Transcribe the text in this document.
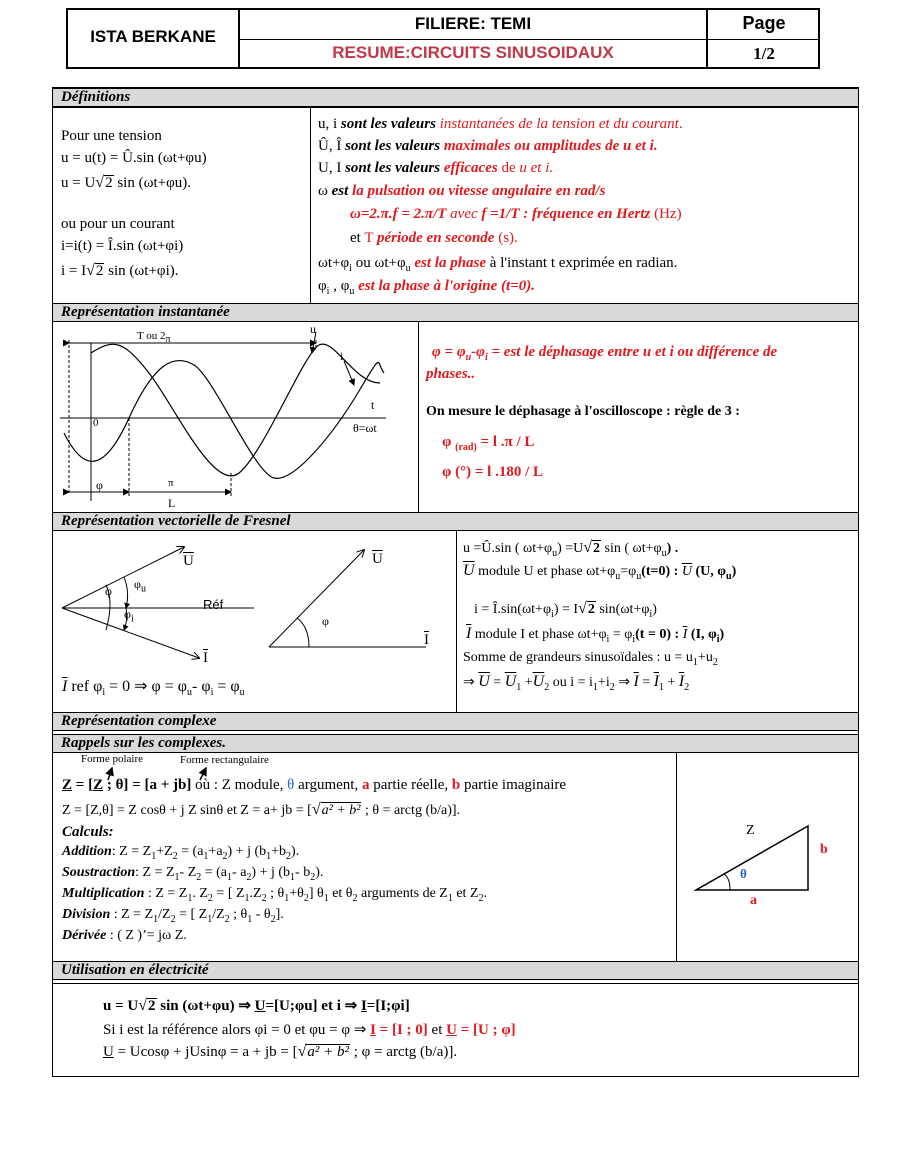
ISTA BERKANE
FILIERE: TEMI
RESUME:CIRCUITS SINUSOIDAUX
Page
1/2
Définitions
Représentation instantanée
Représentation vectorielle de Fresnel
Représentation complexe
Rappels sur les complexes.
Utilisation en électricité
Pour une tension
u = u(t) = Û.sin (ωt+φu)
u = U√2 sin (ωt+φu).
ou pour un courant
i=i(t) = Î.sin (ωt+φi)
i = I√2 sin (ωt+φi).
u, i sont les valeurs instantanées de la tension et du courant.
Û, Î sont les valeurs maximales ou amplitudes de u et i.
U, I sont les valeurs efficaces de u et i.
ω est la pulsation ou vitesse angulaire en rad/s
ω=2.π.f = 2.π/T avec f =1/T : fréquence en Hertz (Hz)
et T période en seconde (s).
$\omega t+\varphi_i$ ou $\omega t+\varphi_u$ est la phase à l'instant t exprimée en radian.
$\varphi_i$ , $\varphi_u$ est la phase à l'origine (t=0).
T ou $2_\pi$
u
i
t
θ=ωt
0
φ	π
L
$\varphi = \varphi_u-\varphi_i$ = est le déphasage entre u et i ou différence de
phases..
On mesure le déphasage à l'oscilloscope : règle de 3 :
φ $_{(rad)}$ = l .π / L
φ (°) = l .180 / L
$\overline{U}$
$\overline{I}$
Réf
φ $\varphi_u$
$\varphi_i$
$\overline{U}$
$\overline{I}$
φ
$\overline{I}$ ref $\varphi_i = 0$ ⇒ $\varphi = \varphi_u-$ $\varphi_i = \varphi_u$
u =Û.sin ( $\omega t+\varphi_u) =U√2$ sin ( $\omega t+\varphi_u$) .
$\overline{U}$ module U et phase $\omega t+\varphi_u=\varphi_u(t=0)$ : $\overline{U}$ (U, $\varphi_u$)
$i = Î.\sin(\omega t+\varphi_i) = I√2$ $\sin(\omega t+\varphi_i)$
$\overline{I}$ module I et phase $\omega t+\varphi_i = \varphi_i(t = 0)$ : $\overline{I}$ (I, $\varphi_i$)
Somme de grandeurs sinusoïdales : $u = u_1+u_2$
⇒ $\overline{U} = \overline{U}_1 +\overline{U}_2$ ou $i = i_1+i_2$ ⇒ $\overline{I} = \overline{I}_1 + \overline{I}_2$
Forme polaire	Forme rectangulaire
Z = [Z ; θ] = [a + jb] où : Z module, θ argument, a partie réelle, b partie imaginaire
Z = [Z,θ] = Z cosθ + j Z sinθ et Z = a+ jb = [√a² + b² ; θ = arctg (b/a)].
Calculs:
Addition: $Z = Z_1+Z_2 = (a_1+a_2) + j$ $(b_1+b_2)$.
Soustraction: $Z = Z_1-$ $Z_2 = (a_1-$ $a_2) + j$ ($b_1-$ $b_2$).
Multiplication : $Z = Z_1$. $Z_2$ = [ $Z_1.Z_2$ ; $\theta_1+\theta_2$] $\theta_1$ et $\theta_2$ arguments de $Z_1$ et $Z_2$.
Division : $Z = Z_1/Z_2$ = [ $Z_1/Z_2$ ; $\theta_1 - \theta_2$].
Dérivée : ( Z )’= jω Z.
Z
b
a
θ
u = U√2 sin (ωt+φu) ⇒ U=[U;φu] et i ⇒ I=[I;φi]
Si i est la référence alors φi = 0 et φu = φ ⇒ I = [I ; 0] et U = [U ; φ]
U = Ucosφ + jUsinφ = a + jb = [√a² + b² ; φ = arctg (b/a)].
